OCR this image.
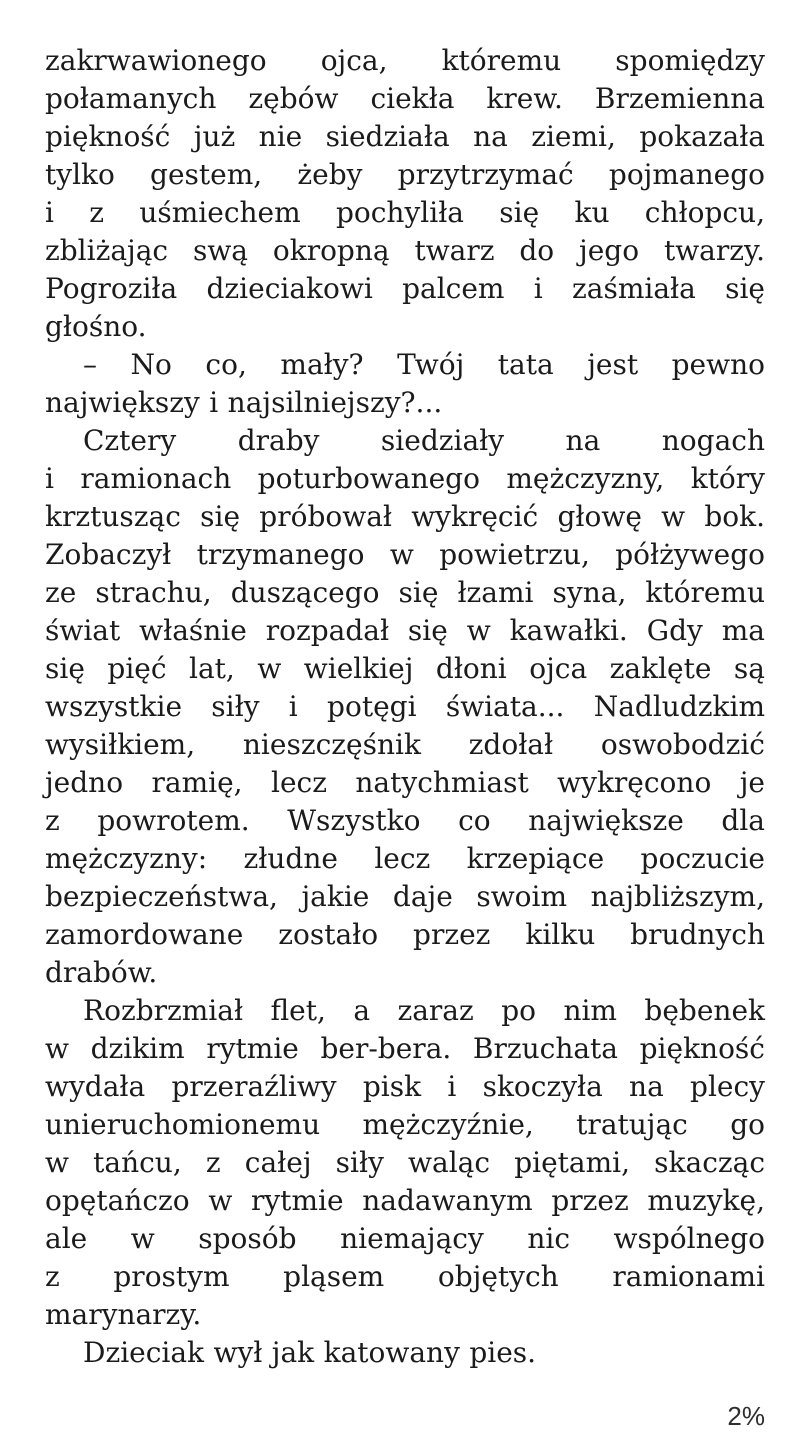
zakrwawionego ojca, któremu spomiędzy
połamanych zębów ciekła krew. Brzemienna
piękność już nie siedziała na ziemi, pokazała
tylko gestem, żeby przytrzymać pojmanego
i z uśmiechem pochyliła się ku chłopcu,
zbliżając swą okropną twarz do jego twarzy.
Pogroziła dzieciakowi palcem i zaśmiała się
głośno.
– No co, mały? Twój tata jest pewno
największy i najsilniejszy?...
Cztery draby siedziały na nogach
i ramionach poturbowanego mężczyzny, który
krztusząc się próbował wykręcić głowę w bok.
Zobaczył trzymanego w powietrzu, półżywego
ze strachu, duszącego się łzami syna, któremu
świat właśnie rozpadał się w kawałki. Gdy ma
się pięć lat, w wielkiej dłoni ojca zaklęte są
wszystkie siły i potęgi świata... Nadludzkim
wysiłkiem, nieszczęśnik zdołał oswobodzić
jedno ramię, lecz natychmiast wykręcono je
z powrotem. Wszystko co największe dla
mężczyzny: złudne lecz krzepiące poczucie
bezpieczeństwa, jakie daje swoim najbliższym,
zamordowane zostało przez kilku brudnych
drabów.
Rozbrzmiał flet, a zaraz po nim bębenek
w dzikim rytmie ber-bera. Brzuchata piękność
wydała przeraźliwy pisk i skoczyła na plecy
unieruchomionemu mężczyźnie, tratując go
w tańcu, z całej siły waląc piętami, skacząc
opętańczo w rytmie nadawanym przez muzykę,
ale w sposób niemający nic wspólnego
z prostym pląsem objętych ramionami
marynarzy.
Dzieciak wył jak katowany pies.
2%
